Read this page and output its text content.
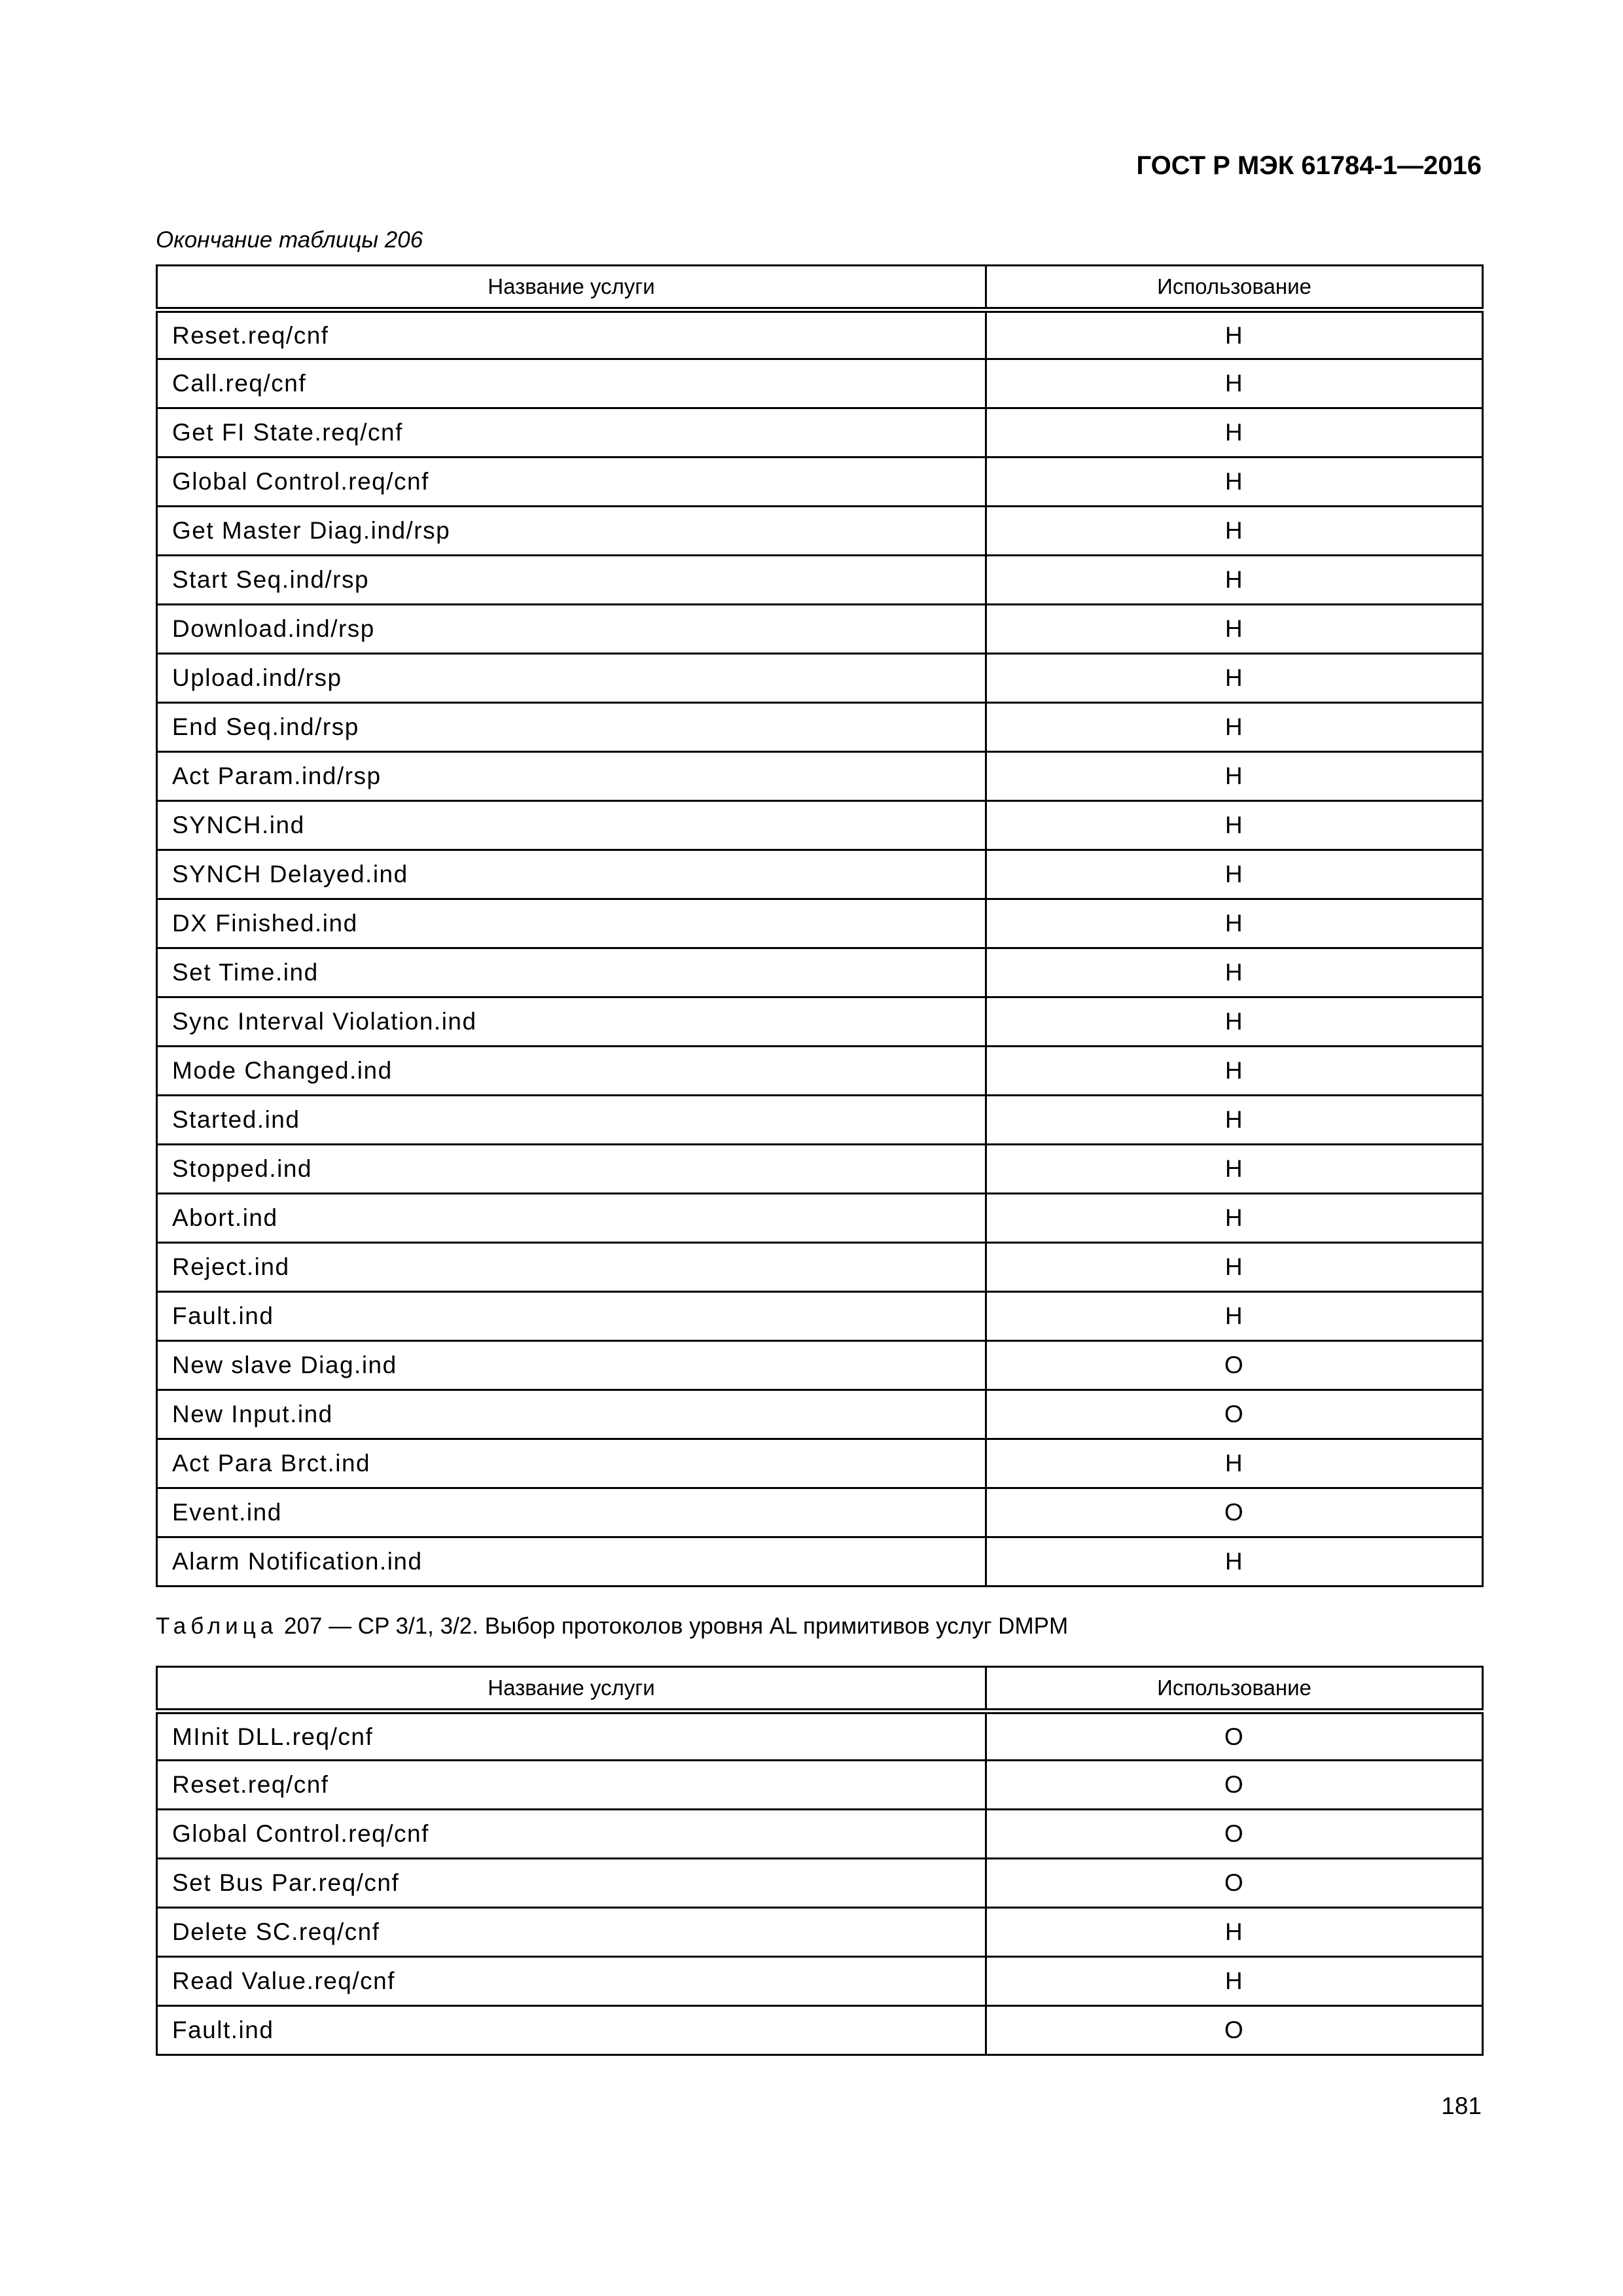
ГОСТ Р МЭК 61784-1—2016
Окончание таблицы 206
Название услуги	Использование
Reset.req/cnf	H
Call.req/cnf	H
Get FI State.req/cnf	H
Global Control.req/cnf	H
Get Master Diag.ind/rsp	H
Start Seq.ind/rsp	H
Download.ind/rsp	H
Upload.ind/rsp	H
End Seq.ind/rsp	H
Act Param.ind/rsp	H
SYNCH.ind	H
SYNCH Delayed.ind	H
DX Finished.ind	H
Set Time.ind	H
Sync Interval Violation.ind	H
Mode Changed.ind	H
Started.ind	H
Stopped.ind	H
Abort.ind	H
Reject.ind	H
Fault.ind	H
New slave Diag.ind	O
New Input.ind	O
Act Para Brct.ind	H
Event.ind	O
Alarm Notification.ind	H
Таблица 207 — CP 3/1, 3/2. Выбор протоколов уровня AL примитивов услуг DMPM
Название услуги	Использование
MInit DLL.req/cnf	O
Reset.req/cnf	O
Global Control.req/cnf	O
Set Bus Par.req/cnf	O
Delete SC.req/cnf	H
Read Value.req/cnf	H
Fault.ind	O
181
